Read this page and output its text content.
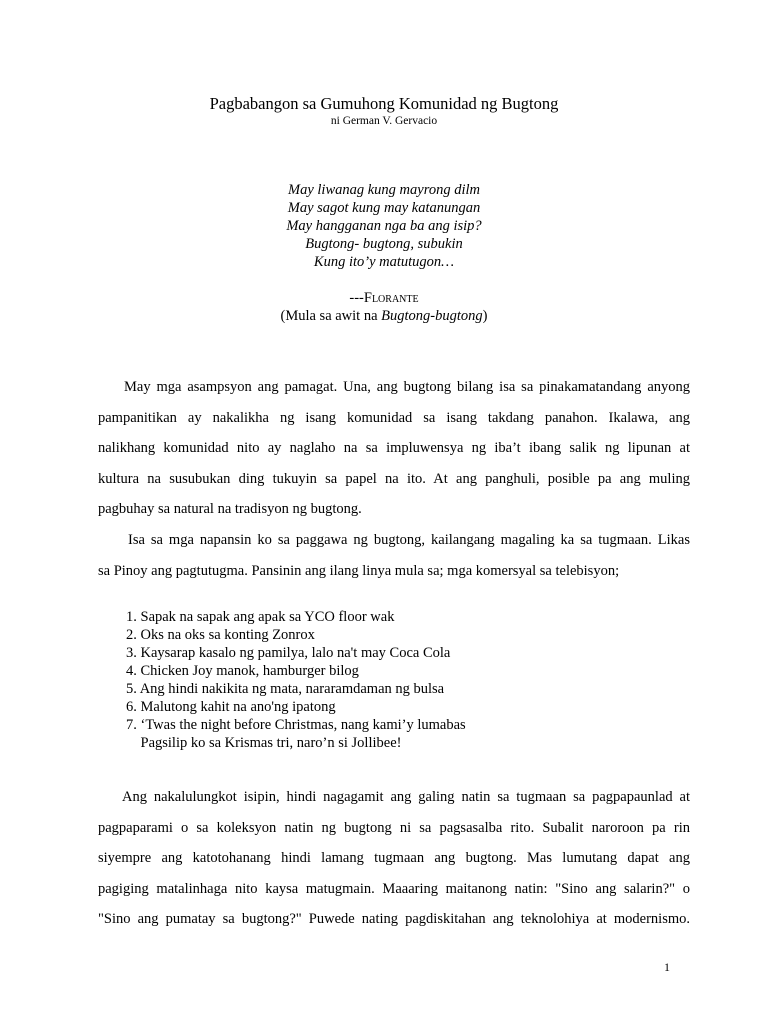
Pagbabangon sa Gumuhong Komunidad ng Bugtong
ni German V. Gervacio
May liwanag kung mayrong dilm
May sagot kung may katanungan
May hangganan nga ba ang isip?
Bugtong- bugtong, subukin
Kung ito’y matutugon…
---Florante
(Mula sa awit na Bugtong-bugtong)
May mga asampsyon ang pamagat. Una, ang bugtong bilang isa sa pinakamatandang anyong
pampanitikan ay nakalikha ng isang komunidad sa isang takdang panahon. Ikalawa, ang
nalikhang komunidad nito ay naglaho na sa impluwensya ng iba’t ibang salik ng lipunan at
kultura na susubukan ding tukuyin sa papel na ito. At ang panghuli, posible pa ang muling
pagbuhay sa natural na tradisyon ng bugtong.
Isa sa mga napansin ko sa paggawa ng bugtong, kailangang magaling ka sa tugmaan. Likas
sa Pinoy ang pagtutugma. Pansinin ang ilang linya mula sa; mga komersyal sa telebisyon;
1. Sapak na sapak ang apak sa YCO floor wak
2. Oks na oks sa konting Zonrox
3. Kaysarap kasalo ng pamilya, lalo na't may Coca Cola
4. Chicken Joy manok, hamburger bilog
5. Ang hindi nakikita ng mata, nararamdaman ng bulsa
6. Malutong kahit na ano'ng ipatong
7. ‘Twas the night before Christmas, nang kami’y lumabas
Pagsilip ko sa Krismas tri, naro’n si Jollibee!
Ang nakalulungkot isipin, hindi nagagamit ang galing natin sa tugmaan sa pagpapaunlad at
pagpaparami o sa koleksyon natin ng bugtong ni sa pagsasalba rito. Subalit naroroon pa rin
siyempre ang katotohanang hindi lamang tugmaan ang bugtong. Mas lumutang dapat ang
pagiging matalinhaga nito kaysa matugmain. Maaaring maitanong natin: "Sino ang salarin?" o
"Sino ang pumatay sa bugtong?" Puwede nating pagdiskitahan ang teknolohiya at modernismo.
1
